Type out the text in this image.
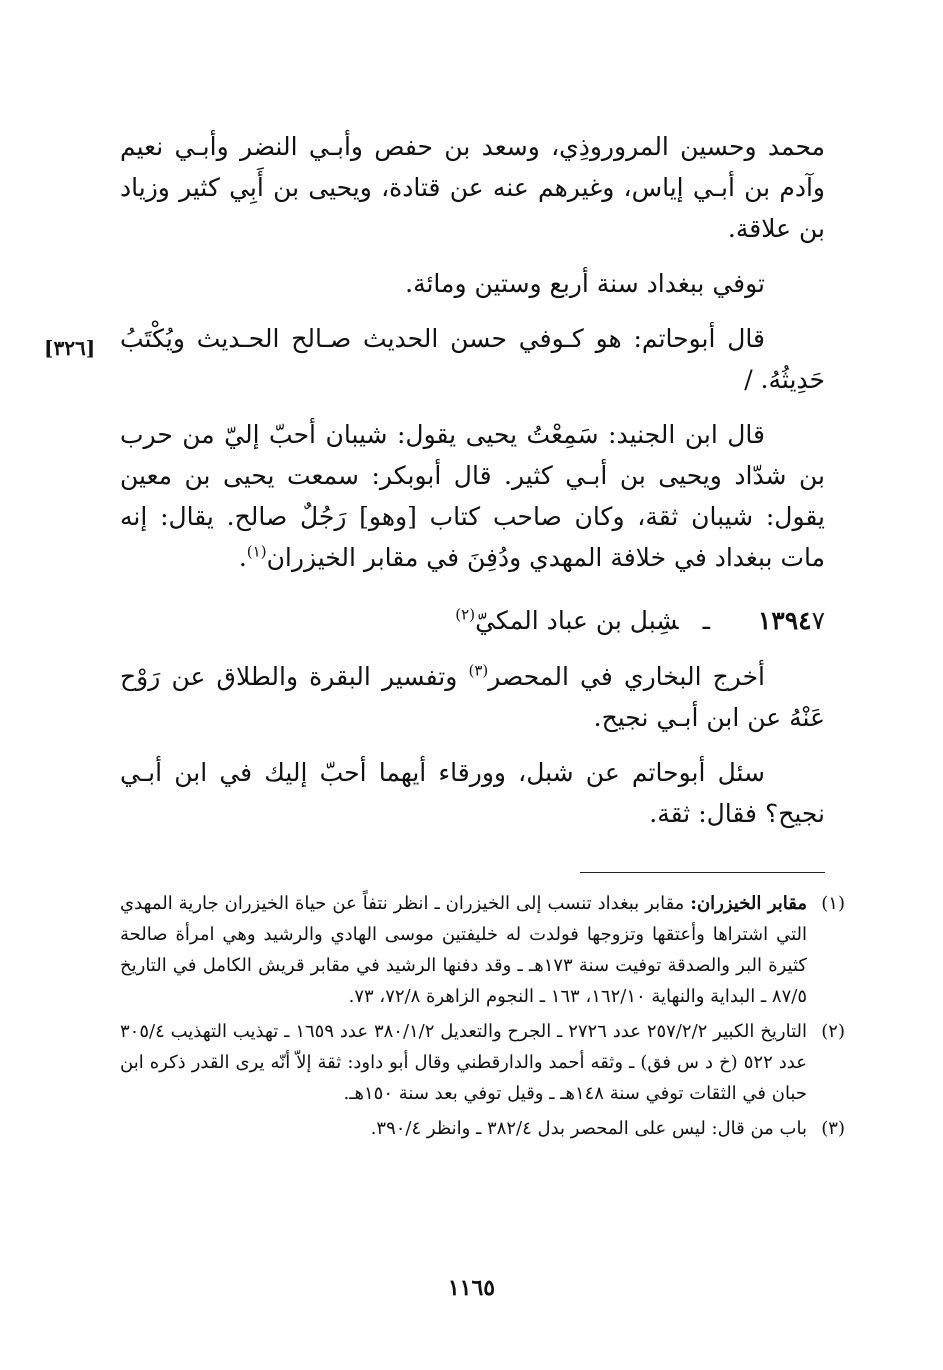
محمد وحسين المروروذِي، وسعد بن حفص وأبـي النضر وأبـي نعيم وآدم بن أبـي إياس، وغيرهم عنه عن قتادة، ويحيى بن أَبِي كثير وزياد بن علاقة.

توفي ببغداد سنة أربع وستين ومائة.

قال أبوحاتم: هو كـوفي حسن الحديث صـالح الحـديث ويُكْتَبُ حَدِيثُهُ. /

قال ابن الجنيد: سَمِعْتُ يحيى يقول: شيبان أحبّ إليّ من حرب بن شدّاد ويحيى بن أبـي كثير. قال أبوبكر: سمعت يحيى بن معين يقول: شيبان ثقة، وكان صاحب كتاب [وهو] رَجُلٌ صالح. يقال: إنه مات ببغداد في خلافة المهدي ودُفِنَ في مقابر الخيزران$^{(١)}$.

[٣٢٦]
١٣٩٤٧ ـشِبل بن عباد المكيّ$^{(٢)}$

أخرج البخاري في المحصر$^{(٣)}$ وتفسير البقرة والطلاق عن رَوْح عَنْهُ عن ابن أبـي نجيح.

سئل أبوحاتم عن شبل، وورقاء أيهما أحبّ إليك في ابن أبـي نجيح؟ فقال: ثقة.

(١)
مقابر الخيزران: مقابر ببغداد تنسب إلى الخيزران ـ انظر نتفاً عن حياة الخيزران جارية المهدي التي اشتراها وأعتقها وتزوجها فولدت له خليفتين موسى الهادي والرشيد وهي امرأة صالحة كثيرة البر والصدقة توفيت سنة ١٧٣هـ ـ وقد دفنها الرشيد في مقابر قريش الكامل في التاريخ ٨٧/٥ ـ البداية والنهاية ١٦٢/١٠، ١٦٣ ـ النجوم الزاهرة ٧٢/٨، ٧٣.
(٢)
التاريخ الكبير ٢٥٧/٢/٢ عدد ٢٧٢٦ ـ الجرح والتعديل ٣٨٠/١/٢ عدد ١٦٥٩ ـ تهذيب التهذيب ٣٠٥/٤ عدد ٥٢٢ (خ د س فق) ـ وثقه أحمد والدارقطني وقال أبو داود: ثقة إلاّ أنّه يرى القدر ذكره ابن حبان في الثقات توفي سنة ١٤٨هـ ـ وقيل توفي بعد سنة ١٥٠هـ.
(٣)
باب من قال: ليس على المحصر بدل ٣٨٢/٤ ـ وانظر ٣٩٠/٤.
١١٦٥
